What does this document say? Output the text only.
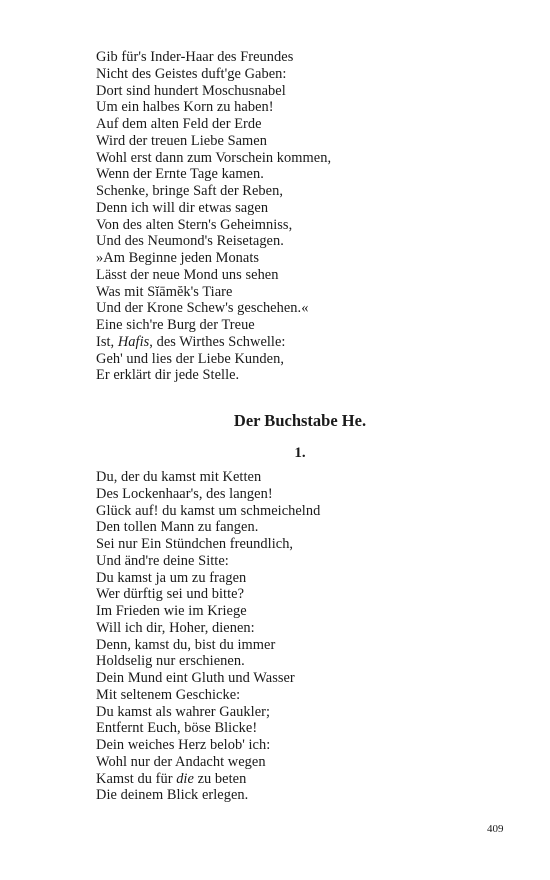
Gib für's Inder-Haar des Freundes
Nicht des Geistes duft'ge Gaben:
Dort sind hundert Moschusnabel
Um ein halbes Korn zu haben!
Auf dem alten Feld der Erde
Wird der treuen Liebe Samen
Wohl erst dann zum Vorschein kommen,
Wenn der Ernte Tage kamen.
Schenke, bringe Saft der Reben,
Denn ich will dir etwas sagen
Von des alten Stern's Geheimniss,
Und des Neumond's Reisetagen.
»Am Beginne jeden Monats
Lässt der neue Mond uns sehen
Was mit Sĭāmĕk's Tiare
Und der Krone Schew's geschehen.«
Eine sich're Burg der Treue
Ist, Hafis, des Wirthes Schwelle:
Geh' und lies der Liebe Kunden,
Er erklärt dir jede Stelle.
Der Buchstabe He.
1.
Du, der du kamst mit Ketten
Des Lockenhaar's, des langen!
Glück auf! du kamst um schmeichelnd
Den tollen Mann zu fangen.
Sei nur Ein Stündchen freundlich,
Und änd're deine Sitte:
Du kamst ja um zu fragen
Wer dürftig sei und bitte?
Im Frieden wie im Kriege
Will ich dir, Hoher, dienen:
Denn, kamst du, bist du immer
Holdselig nur erschienen.
Dein Mund eint Gluth und Wasser
Mit seltenem Geschicke:
Du kamst als wahrer Gaukler;
Entfernt Euch, böse Blicke!
Dein weiches Herz belob' ich:
Wohl nur der Andacht wegen
Kamst du für die zu beten
Die deinem Blick erlegen.
409
